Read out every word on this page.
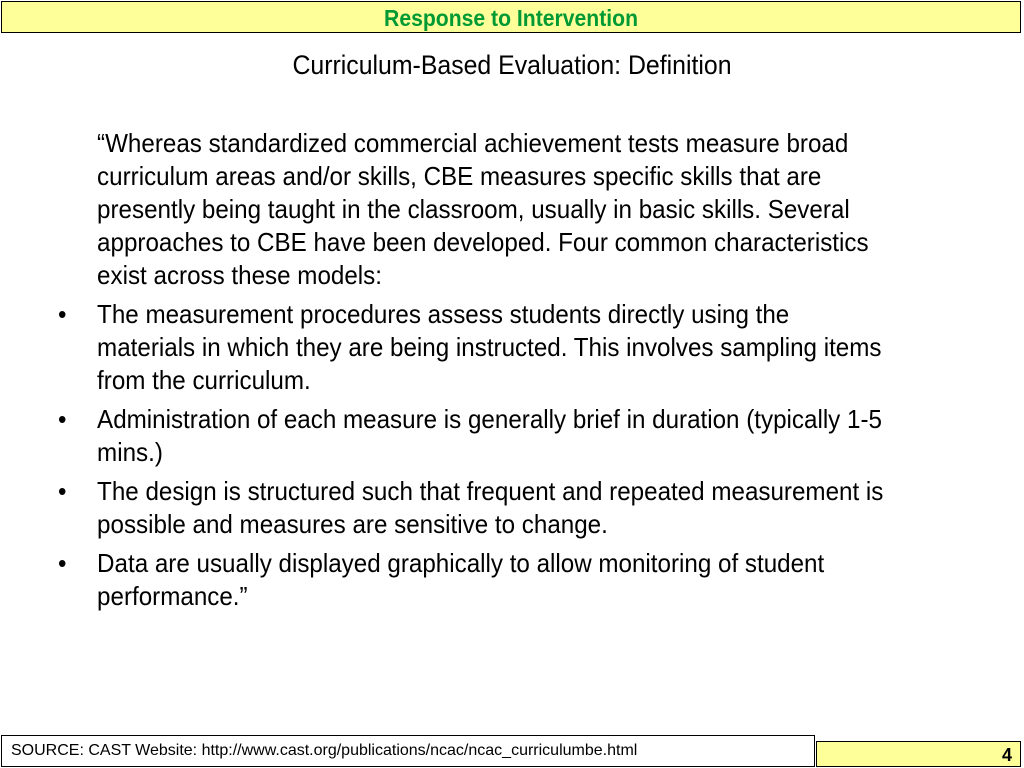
Response to Intervention
Curriculum-Based Evaluation: Definition
“Whereas standardized commercial achievement tests measure broad curriculum areas and/or skills, CBE measures specific skills that are presently being taught in the classroom, usually in basic skills. Several approaches to CBE have been developed. Four common characteristics exist across these models:
•	The measurement procedures assess students directly using the materials in which they are being instructed. This involves sampling items from the curriculum.
•	Administration of each measure is generally brief in duration (typically 1-5 mins.)
•	The design is structured such that frequent and repeated measurement is possible and measures are sensitive to change.
•	Data are usually displayed graphically to allow monitoring of student performance.”
4
SOURCE: CAST Website: http://www.cast.org/publications/ncac/ncac_curriculumbe.html
